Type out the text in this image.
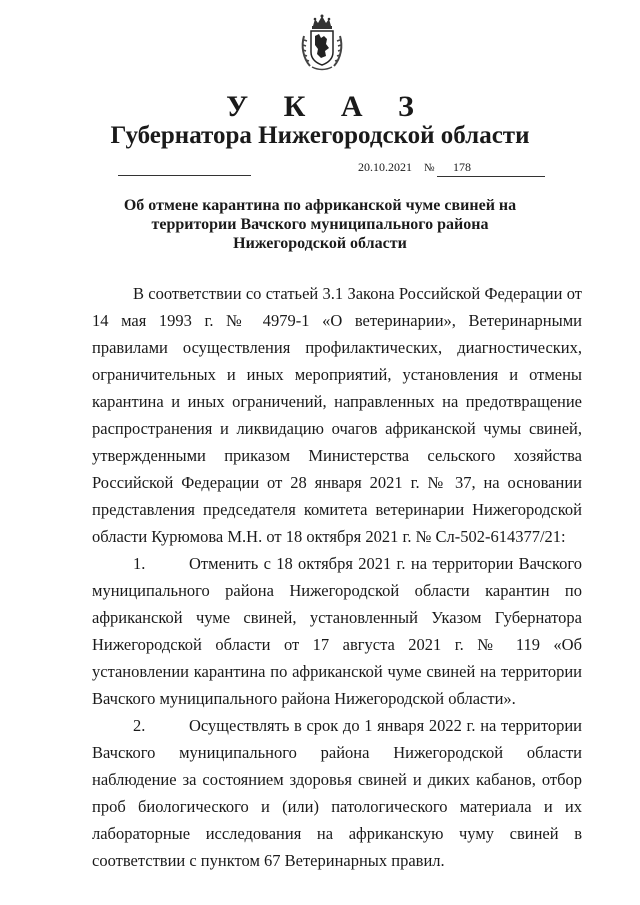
У К А З
Губернатора Нижегородской области
20.10.2021 № 178
Об отмене карантина по африканской чуме свиней на
территории Вачского муниципального района
Нижегородской области

В соответствии со статьей 3.1 Закона Российской Федерации от 14 мая 1993 г. № 4979-1 «О ветеринарии», Ветеринарными правилами осуществления профилактических, диагностических, ограничительных и иных мероприятий, установления и отмены карантина и иных ограничений, направленных на предотвращение распространения и ликвидацию очагов африканской чумы свиней, утвержденными приказом Министерства сельского хозяйства Российской Федерации от 28 января 2021 г. № 37, на основании представления председателя комитета ветеринарии Нижегородской области Курюмова М.Н. от 18 октября 2021 г. № Сл-502-614377/21:

1.	Отменить с 18 октября 2021 г. на территории Вачского муниципального района Нижегородской области карантин по африканской чуме свиней, установленный Указом Губернатора Нижегородской области от 17 августа 2021 г. № 119 «Об установлении карантина по африканской чуме свиней на территории Вачского муниципального района Нижегородской области».

2.	Осуществлять в срок до 1 января 2022 г. на территории Вачского муниципального района Нижегородской области наблюдение за состоянием здоровья свиней и диких кабанов, отбор проб биологического и (или) патологического материала и их лабораторные исследования на африканскую чуму свиней в соответствии с пунктом 67 Ветеринарных правил.
